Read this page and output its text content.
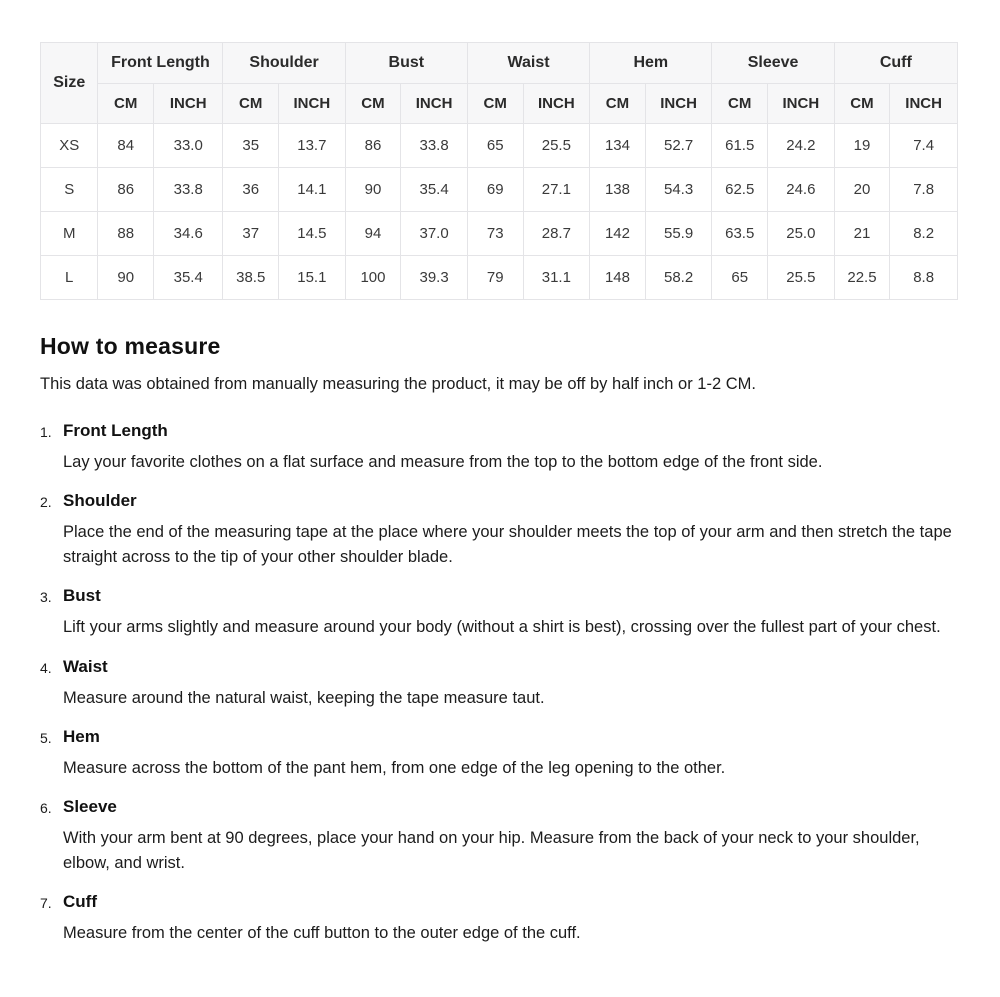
Size	Front Length		Shoulder		Bust		Waist		Hem		Sleeve		Cuff	
	CM	INCH	CM	INCH	CM	INCH	CM	INCH	CM	INCH	CM	INCH	CM	INCH
XS	84	33.0	35	13.7	86	33.8	65	25.5	134	52.7	61.5	24.2	19	7.4
S	86	33.8	36	14.1	90	35.4	69	27.1	138	54.3	62.5	24.6	20	7.8
M	88	34.6	37	14.5	94	37.0	73	28.7	142	55.9	63.5	25.0	21	8.2
L	90	35.4	38.5	15.1	100	39.3	79	31.1	148	58.2	65	25.5	22.5	8.8
How to measure

This data was obtained from manually measuring the product, it may be off by half inch or 1-2 CM.

1. Front Length

Lay your favorite clothes on a flat surface and measure from the top to the bottom edge of the front side.

2. Shoulder

Place the end of the measuring tape at the place where your shoulder meets the top of your arm and then stretch the tape straight across to the tip of your other shoulder blade.

3. Bust

Lift your arms slightly and measure around your body (without a shirt is best), crossing over the fullest part of your chest.

4. Waist

Measure around the natural waist, keeping the tape measure taut.

5. Hem

Measure across the bottom of the pant hem, from one edge of the leg opening to the other.

6. Sleeve

With your arm bent at 90 degrees, place your hand on your hip. Measure from the back of your neck to your shoulder, elbow, and wrist.

7. Cuff

Measure from the center of the cuff button to the outer edge of the cuff.
